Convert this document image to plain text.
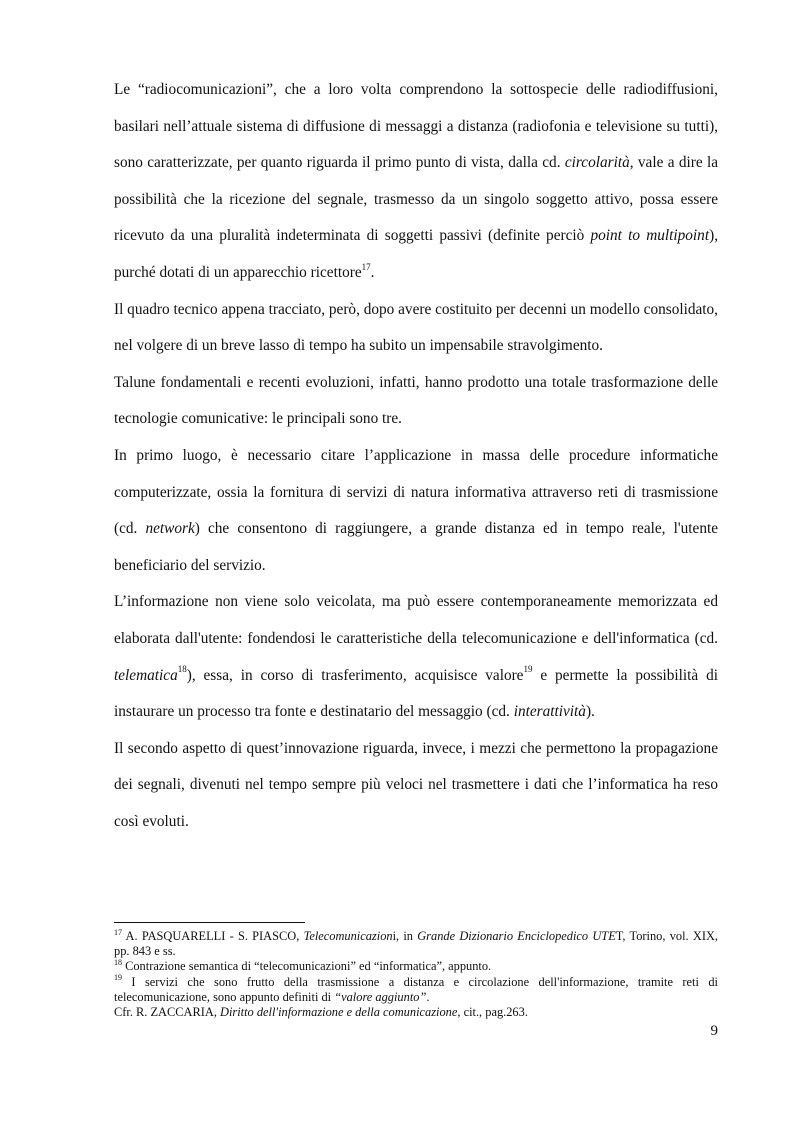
Le “radiocomunicazioni”, che a loro volta comprendono la sottospecie delle radiodiffusioni, basilari nell’attuale sistema di diffusione di messaggi a distanza (radiofonia e televisione su tutti), sono caratterizzate, per quanto riguarda il primo punto di vista, dalla cd. circolarità, vale a dire la possibilità che la ricezione del segnale, trasmesso da un singolo soggetto attivo, possa essere ricevuto da una pluralità indeterminata di soggetti passivi (definite perciò point to multipoint), purché dotati di un apparecchio ricettore$^{17}$.

Il quadro tecnico appena tracciato, però, dopo avere costituito per decenni un modello consolidato, nel volgere di un breve lasso di tempo ha subito un impensabile stravolgimento.

Talune fondamentali e recenti evoluzioni, infatti, hanno prodotto una totale trasformazione delle tecnologie comunicative: le principali sono tre.

In primo luogo, è necessario citare l’applicazione in massa delle procedure informatiche computerizzate, ossia la fornitura di servizi di natura informativa attraverso reti di trasmissione (cd. network) che consentono di raggiungere, a grande distanza ed in tempo reale, l'utente beneficiario del servizio.

L’informazione non viene solo veicolata, ma può essere contemporaneamente memorizzata ed elaborata dall'utente: fondendosi le caratteristiche della telecomunicazione e dell'informatica (cd. telematica$^{18}$), essa, in corso di trasferimento, acquisisce valore$^{19}$ e permette la possibilità di instaurare un processo tra fonte e destinatario del messaggio (cd. interattività).

Il secondo aspetto di quest’innovazione riguarda, invece, i mezzi che permettono la propagazione dei segnali, divenuti nel tempo sempre più veloci nel trasmettere i dati che l’informatica ha reso così evoluti.

$^{17}$ A. PASQUARELLI - S. PIASCO, Telecomunicazioni, in Grande Dizionario Enciclopedico UTET, Torino, vol. XIX, pp. 843 e ss.

$^{18}$ Contrazione semantica di “telecomunicazioni” ed “informatica”, appunto.

$^{19}$ I servizi che sono frutto della trasmissione a distanza e circolazione dell'informazione, tramite reti di telecomunicazione, sono appunto definiti di “valore aggiunto”.

Cfr. R. ZACCARIA, Diritto dell'informazione e della comunicazione, cit., pag.263.

9
